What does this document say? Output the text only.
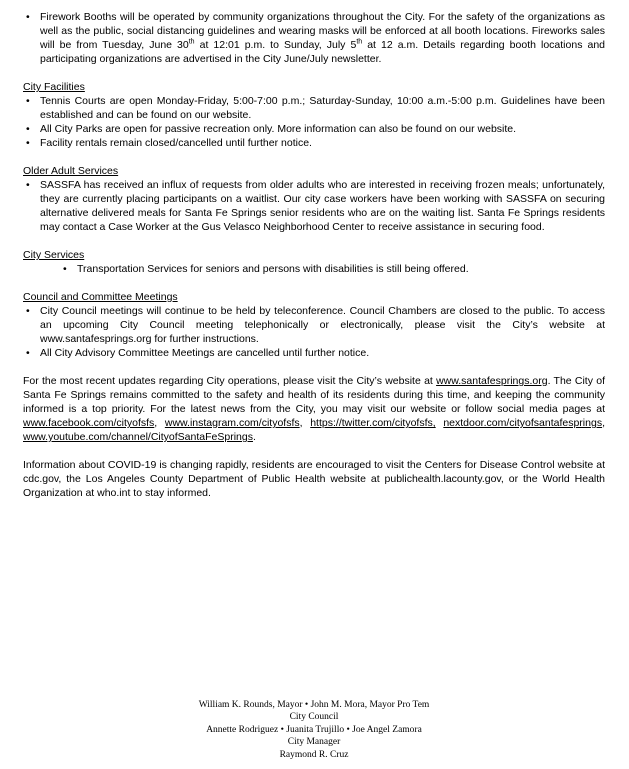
• Firework Booths will be operated by community organizations throughout the City. For the safety of the organizations as well as the public, social distancing guidelines and wearing masks will be enforced at all booth locations. Fireworks sales will be from Tuesday, June 30th at 12:01 p.m. to Sunday, July 5th at 12 a.m. Details regarding booth locations and participating organizations are advertised in the City June/July newsletter.
City Facilities
• Tennis Courts are open Monday-Friday, 5:00-7:00 p.m.; Saturday-Sunday, 10:00 a.m.-5:00 p.m. Guidelines have been established and can be found on our website.
• All City Parks are open for passive recreation only. More information can also be found on our website.
• Facility rentals remain closed/cancelled until further notice.
Older Adult Services
• SASSFA has received an influx of requests from older adults who are interested in receiving frozen meals; unfortunately, they are currently placing participants on a waitlist. Our city case workers have been working with SASSFA on securing alternative delivered meals for Santa Fe Springs senior residents who are on the waiting list. Santa Fe Springs residents may contact a Case Worker at the Gus Velasco Neighborhood Center to receive assistance in securing food.
City Services
• Transportation Services for seniors and persons with disabilities is still being offered.
Council and Committee Meetings
• City Council meetings will continue to be held by teleconference. Council Chambers are closed to the public. To access an upcoming City Council meeting telephonically or electronically, please visit the City’s website at www.santafesprings.org for further instructions.
• All City Advisory Committee Meetings are cancelled until further notice.

For the most recent updates regarding City operations, please visit the City’s website at www.santafesprings.org. The City of Santa Fe Springs remains committed to the safety and health of its residents during this time, and keeping the community informed is a top priority. For the latest news from the City, you may visit our website or follow social media pages at www.facebook.com/cityofsfs, www.instagram.com/cityofsfs, https://twitter.com/cityofsfs, nextdoor.com/cityofsantafesprings, www.youtube.com/channel/CityofSantaFeSprings.

Information about COVID-19 is changing rapidly, residents are encouraged to visit the Centers for Disease Control website at cdc.gov, the Los Angeles County Department of Public Health website at publichealth.lacounty.gov, or the World Health Organization at who.int to stay informed.

William K. Rounds, Mayor • John M. Mora, Mayor Pro Tem
City Council
Annette Rodriguez • Juanita Trujillo • Joe Angel Zamora
City Manager
Raymond R. Cruz
